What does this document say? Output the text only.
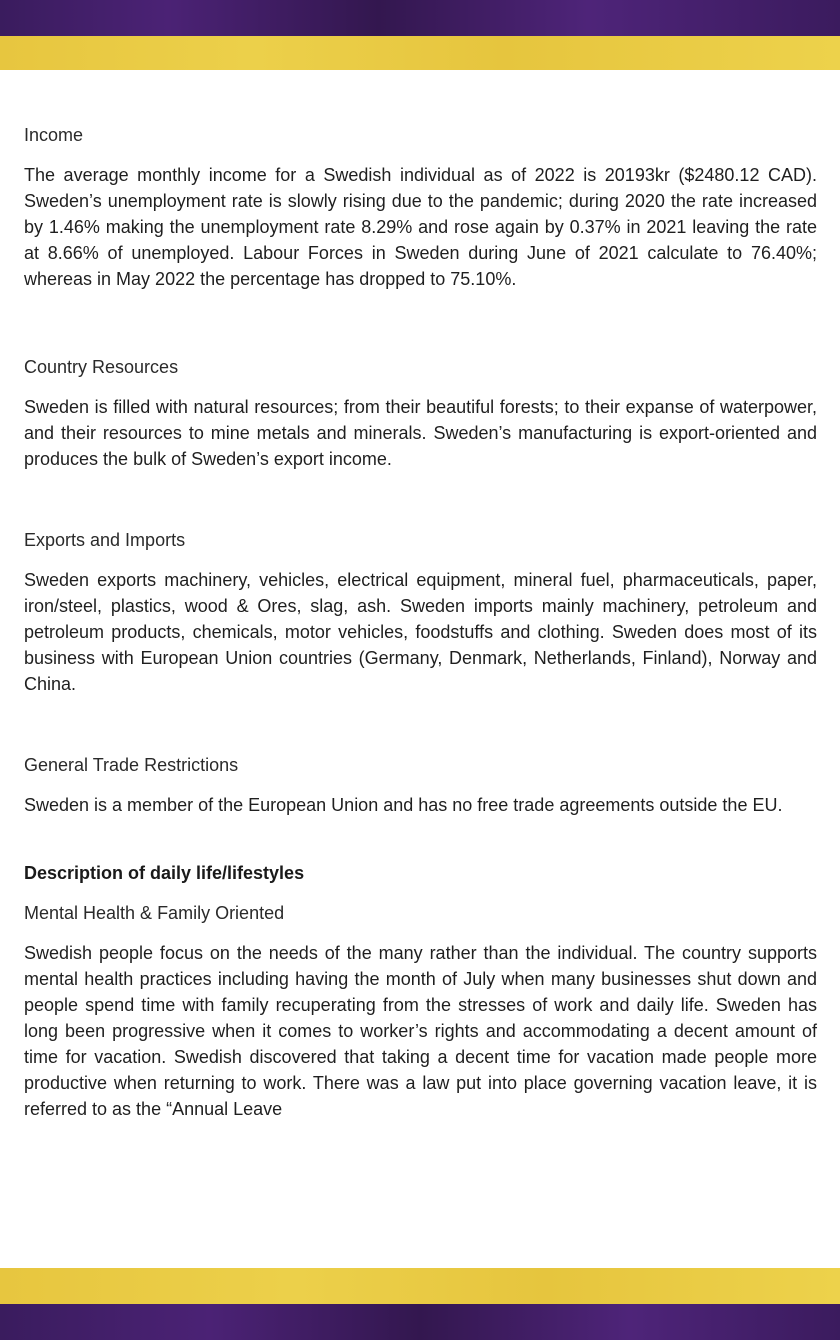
Income

The average monthly income for a Swedish individual as of 2022 is 20193kr ($2480.12 CAD). Sweden’s unemployment rate is slowly rising due to the pandemic; during 2020 the rate increased by 1.46% making the unemployment rate 8.29% and rose again by 0.37% in 2021 leaving the rate at 8.66% of unemployed. Labour Forces in Sweden during June of 2021 calculate to 76.40%; whereas in May 2022 the percentage has dropped to 75.10%.

Country Resources

Sweden is filled with natural resources; from their beautiful forests; to their expanse of waterpower, and their resources to mine metals and minerals. Sweden’s manufacturing is export-oriented and produces the bulk of Sweden’s export income.

Exports and Imports

Sweden exports machinery, vehicles, electrical equipment, mineral fuel, pharmaceuticals, paper, iron/steel, plastics, wood & Ores, slag, ash. Sweden imports mainly machinery, petroleum and petroleum products, chemicals, motor vehicles, foodstuffs and clothing. Sweden does most of its business with European Union countries (Germany, Denmark, Netherlands, Finland), Norway and China.

General Trade Restrictions

Sweden is a member of the European Union and has no free trade agreements outside the EU.

Description of daily life/lifestyles

Mental Health & Family Oriented

Swedish people focus on the needs of the many rather than the individual. The country supports mental health practices including having the month of July when many businesses shut down and people spend time with family recuperating from the stresses of work and daily life. Sweden has long been progressive when it comes to worker’s rights and accommodating a decent amount of time for vacation. Swedish discovered that taking a decent time for vacation made people more productive when returning to work. There was a law put into place governing vacation leave, it is referred to as the “Annual Leave
